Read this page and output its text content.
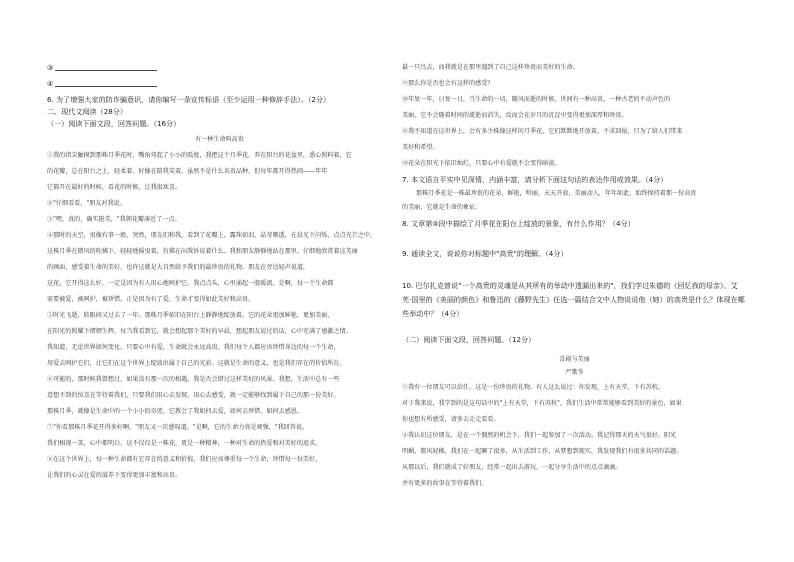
③
④
6. 为了增强大家的防诈骗意识，请你编写一条宣传标语（至少运用一种修辞手法）。（2分）
二、现代文阅读（28分）
（一）阅读下面文段，回答问题。（16分）
有一种生命叫高贵
①我的指尖触摸到那株月季花时，嘴角弯起了小小的弧度，我把这个月季花，养在阳台的花盆里，悉心照料着，它
的花瓣，总在阳台之上，轻柔着，好像在陪我笑着。虽然不是什么名贵品种，但每年都开得热闹——年年
它都开在最好的时候，看花的时候，让我很欢喜。
②"仔细看看，"朋友对我说。
③"嘿，真的，确实挺美，"我朝花瓣凑近了一点。
④那时的天空，很像有事一般，突然，朋友们和我，看到了花瓣上，露珠如泪，晶莹剔透，在晨光下闪烁，点点光芒之中，
这株月季在微风的吹拂下，轻轻地摇曳着，仿佛在向我诉说着什么。我和朋友静静地站在那里，仔细地欣赏着这美丽
的画面，感受着生命的美好，也许这就是大自然给予我们的最珍贵的礼物。朋友在旁边轻声说道，
这花，它开得这么好，一定是因为有人用心地呵护它。我点点头，心里涌起一股暖流。是啊，每一个生命都
需要被爱，被呵护，被珍惜。正是因为有了爱，生命才变得如此美好和高贵。
⑤时光飞逝，转眼间又过去了一年。那株月季依旧在阳台上静静地绽放着，它的花朵更加鲜艳，更加美丽，
在阳光的照耀下熠熠生辉。每当我看到它，就会想起那个美好的早晨，想起朋友说过的话，心中充满了感激之情。
我知道，无论世界如何变化，只要心中有爱，生命就会永远高贵。我们每个人都应该珍惜身边的每一个生命，
用爱去呵护它们，让它们在这个世界上绽放出属于自己的光彩。这就是生命的意义，也是我们存在的价值所在。
⑥可能的，那时候我曾想过，如果没有那一次的相遇，我是否会错过这样美好的风景。我想，生活中总有一些
意想不到的惊喜在等待着我们，只要我们用心去发现，用心去感受，就一定能够找到属于自己的那一份美好。
那株月季，就像是生命中的一个小小的奇迹，它教会了我如何去爱，如何去珍惜，如何去感恩。
⑦"你看那株月季花开得多好啊，"朋友又一次感叹道。"是啊，它的生命力真是顽强，"我回答说。
我们相视一笑，心中都明白，这不仅仅是一株花，更是一种精神，一种对生命的热爱和对美好的追求。
⑧在这个世界上，每一种生命都有它存在的意义和价值，我们应该尊重每一个生命，珍惜每一份美好，
让我们的心灵在爱的滋养下变得更加丰富和高贵。
最一只鸟去，而我就是在那里遇到了自己这样珍贵而美好的生命。
⑨那么你是否也会有这样的感受？
⑩年复一年，日复一日，当生命的一切，随风而逝的时候，世间有一种高贵，一种古老的不动声色的
美丽，它不会随着时间的流逝而消失，反而会在岁月的沉淀中变得更加深厚和珍贵。
⑪我不知道在这世界上，会有多少株像这样的月季花，它们默默地开放着，不求回报，只为了给人们带来
美好和希望。
⑫花朵在阳光下依旧灿烂，只要心中有爱就不会变得暗淡。
7. 本文语言平实中见深情，内涵丰富，请分析下面这句话的表达作用或效果。（4分）
那株月季花是一株最珍贵的花朵，鲜艳，明丽，天天开放，美丽动人，年年如此，始终保持着那一份高贵
的美丽，它就是生命的象征。
8. 文章第⑤段中描绘了月季花在阳台上绽放的景象，有什么作用？（4分）
9. 通读全文，说说你对标题中"高贵"的理解。（4分）
10. 巴尔扎克曾说"一个高贵的灵魂是从其所有的举动中透漏出来的"，找们学过朱德的《回忆我的母亲》、艾
芜·国里的《美丽的颜色》和鲁迅的《藤野先生》任选一篇结合文中人物说说他（她）的高贵是什么？体现在哪
些举动中？（4分）
（二）阅读下面文段，回答问题。（12分）
喜剧与美丽
严歌苓
①我有一位朋友可以信任，这是一份珍贵的礼物。有人这么说过：你发现，上有天堂，下有苏杭。
对于我来说，我学到的是这句话中的"上有天堂，下有苏杭"，我们生活中常常能够看到美好的景色，如果
你也想有所感受，请多去走走看看。
②我认识这位朋友，是在一个偶然的机会下，我们一起参加了一次活动。我记得那天的天气很好，阳光
明媚，微风轻拂，我们在一起聊了很多，从生活到工作，从梦想到现实，我发现我们有很多共同的话题。
从那以后，我们就成了好朋友，经常一起出去游玩，一起分享生活中的点点滴滴。
并有更多的故事在等待着我们。
